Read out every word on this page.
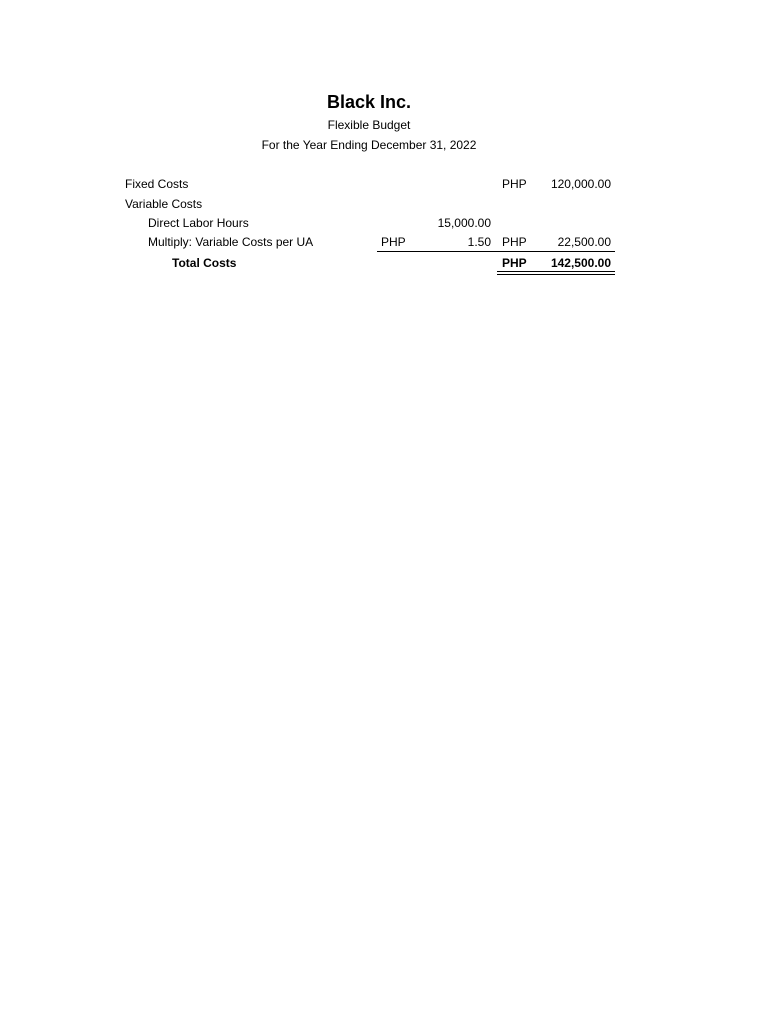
Black Inc.
Flexible Budget
For the Year Ending December 31, 2022
Fixed Costs	PHP	120,000.00
Variable Costs
Direct Labor Hours	15,000.00
Multiply: Variable Costs per UA	PHP	1.50 PHP	22,500.00
Total Costs	PHP	142,500.00
